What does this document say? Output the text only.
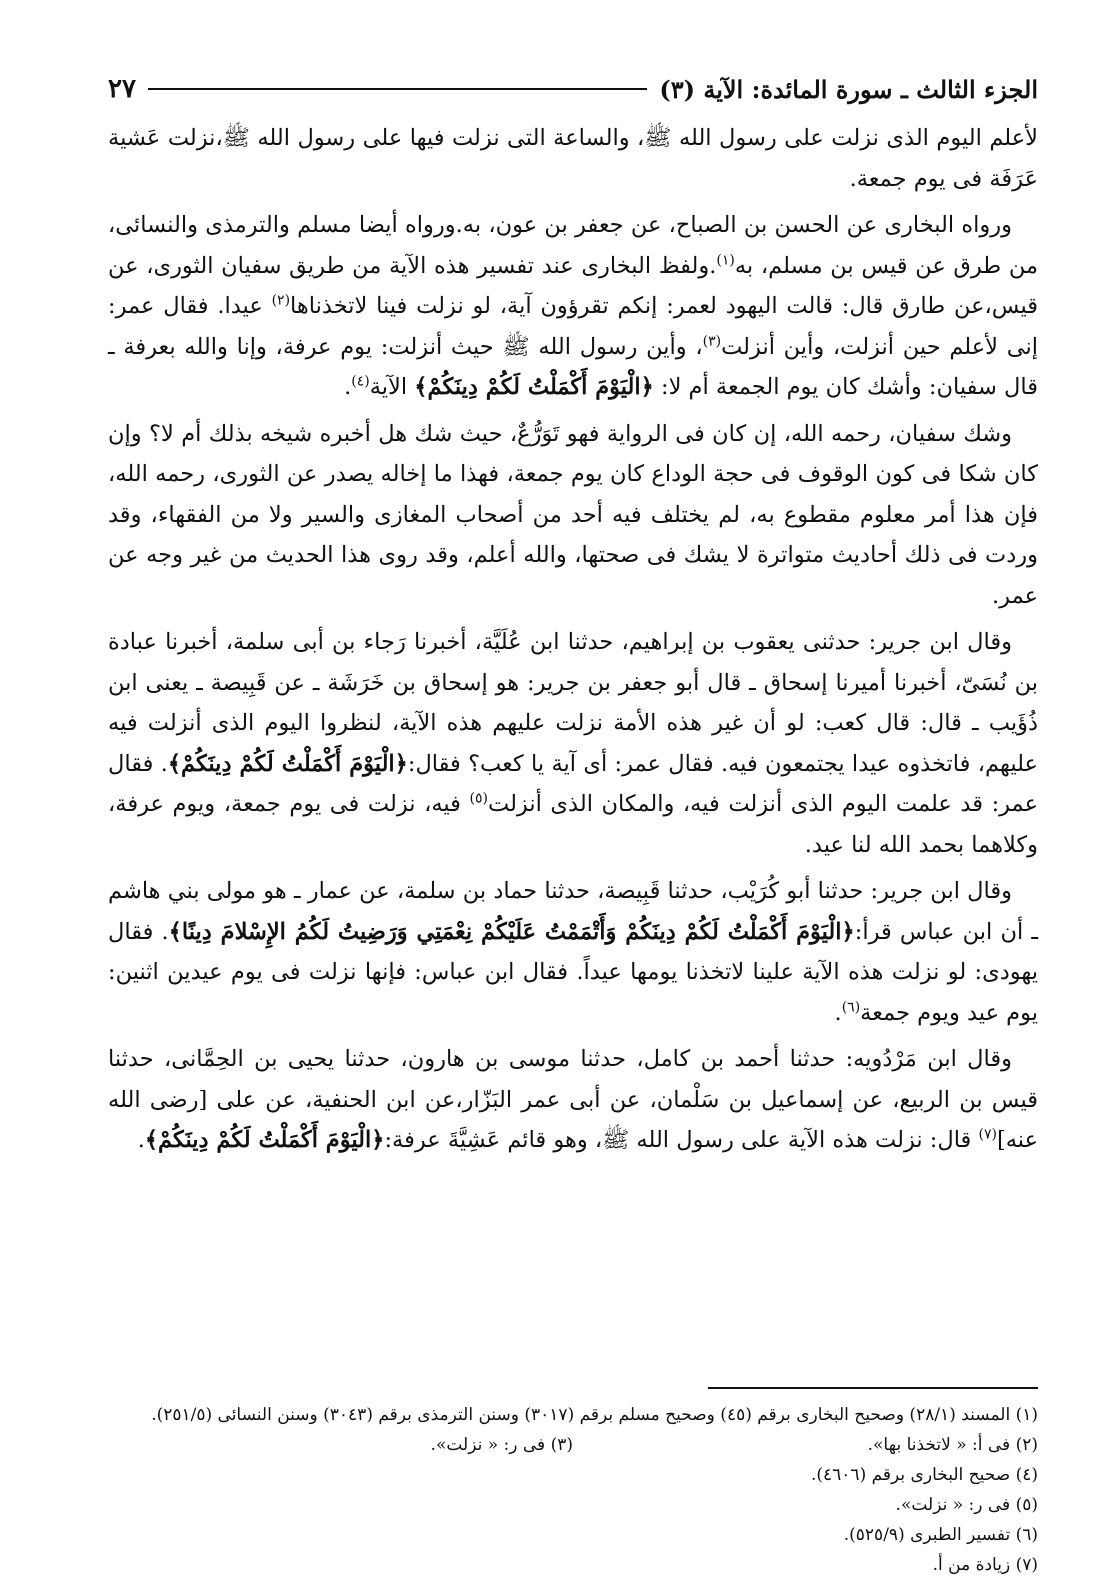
الجزء الثالث ـ سورة المائدة: الآية (٣)
٢٧

لأعلم اليوم الذى نزلت على رسول الله ﷺ، والساعة التى نزلت فيها على رسول الله ﷺ،نزلت عَشية عَرَفَة فى يوم جمعة.

ورواه البخارى عن الحسن بن الصباح، عن جعفر بن عون، به.ورواه أيضا مسلم والترمذى والنسائى، من طرق عن قيس بن مسلم، به$^{(١)}$.ولفظ البخارى عند تفسير هذه الآية من طريق سفيان الثورى، عن قيس،عن طارق قال: قالت اليهود لعمر: إنكم تقرؤون آية، لو نزلت فينا لاتخذناها$^{(٢)}$ عيدا. فقال عمر: إنى لأعلم حين أنزلت، وأين أنزلت$^{(٣)}$، وأين رسول الله ﷺ حيث أنزلت: يوم عرفة، وإنا والله بعرفة ـ قال سفيان: وأشك كان يوم الجمعة أم لا: ﴿الْيَوْمَ أَكْمَلْتُ لَكُمْ دِينَكُمْ﴾ الآية$^{(٤)}$.

وشك سفيان، رحمه الله، إن كان فى الرواية فهو تَوَرُّعٌ، حيث شك هل أخبره شيخه بذلك أم لا؟ وإن كان شكا فى كون الوقوف فى حجة الوداع كان يوم جمعة، فهذا ما إخاله يصدر عن الثورى، رحمه الله، فإن هذا أمر معلوم مقطوع به، لم يختلف فيه أحد من أصحاب المغازى والسير ولا من الفقهاء، وقد وردت فى ذلك أحاديث متواترة لا يشك فى صحتها، والله أعلم، وقد روى هذا الحديث من غير وجه عن عمر.

وقال ابن جرير: حدثنى يعقوب بن إبراهيم، حدثنا ابن عُلَيَّة، أخبرنا رَجاء بن أبى سلمة، أخبرنا عبادة بن نُسَىّ، أخبرنا أميرنا إسحاق ـ قال أبو جعفر بن جرير: هو إسحاق بن خَرَشَة ـ عن قَبِيصة ـ يعنى ابن ذُؤَيب ـ قال: قال كعب: لو أن غير هذه الأمة نزلت عليهم هذه الآية، لنظروا اليوم الذى أنزلت فيه عليهم، فاتخذوه عيدا يجتمعون فيه. فقال عمر: أى آية يا كعب؟ فقال:﴿الْيَوْمَ أَكْمَلْتُ لَكُمْ دِينَكُمْ﴾. فقال عمر: قد علمت اليوم الذى أنزلت فيه، والمكان الذى أنزلت$^{(٥)}$ فيه، نزلت فى يوم جمعة، ويوم عرفة، وكلاهما بحمد الله لنا عيد.

وقال ابن جرير: حدثنا أبو كُرَيْب، حدثنا قَبِيصة، حدثنا حماد بن سلمة، عن عمار ـ هو مولى بني هاشم ـ أن ابن عباس قرأ:﴿الْيَوْمَ أَكْمَلْتُ لَكُمْ دِينَكُمْ وَأَتْمَمْتُ عَلَيْكُمْ نِعْمَتِي وَرَضِيتُ لَكُمُ الإِسْلامَ دِينًا﴾. فقال يهودى: لو نزلت هذه الآية علينا لاتخذنا يومها عيداً. فقال ابن عباس: فإنها نزلت فى يوم عيدين اثنين: يوم عيد ويوم جمعة$^{(٦)}$.

وقال ابن مَرْدُويه: حدثنا أحمد بن كامل، حدثنا موسى بن هارون، حدثنا يحيى بن الحِمَّانى، حدثنا قيس بن الربيع، عن إسماعيل بن سَلْمان، عن أبى عمر البَزّار،عن ابن الحنفية، عن على [رضى الله عنه]$^{(٧)}$ قال: نزلت هذه الآية على رسول الله ﷺ، وهو قائم عَشِيَّةَ عرفة:﴿الْيَوْمَ أَكْمَلْتُ لَكُمْ دِينَكُمْ﴾.

(١) المسند (٢٨/١) وصحيح البخارى برقم (٤٥) وصحيح مسلم برقم (٣٠١٧) وسنن الترمذى برقم (٣٠٤٣) وسنن النسائى (٢٥١/٥).

(٢) فى أ: « لاتخذنا بها».

(٣) فى ر: « نزلت».

(٤) صحيح البخارى برقم (٤٦٠٦).

(٥) فى ر: « نزلت».

(٦) تفسير الطبرى (٥٢٥/٩).

(٧) زيادة من أ.
